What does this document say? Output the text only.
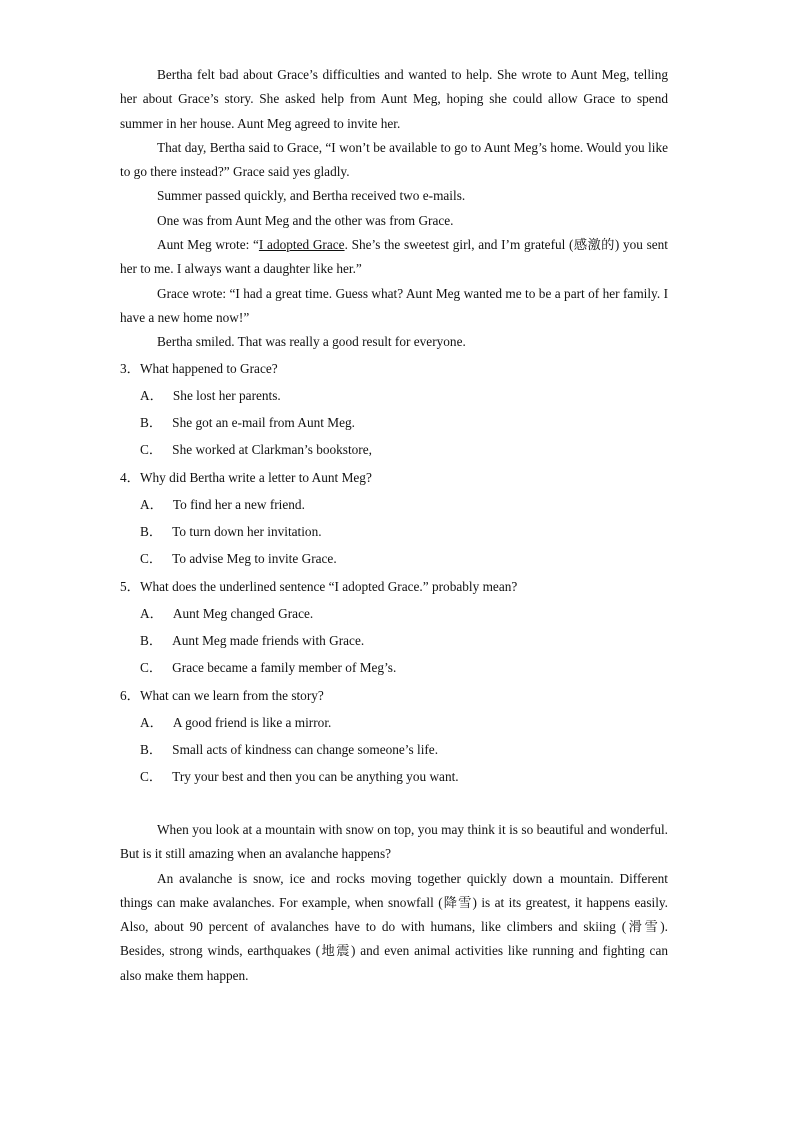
Bertha felt bad about Grace’s difficulties and wanted to help. She wrote to Aunt Meg, telling her about Grace’s story. She asked help from Aunt Meg, hoping she could allow Grace to spend summer in her house. Aunt Meg agreed to invite her.

That day, Bertha said to Grace, “I won’t be available to go to Aunt Meg’s home. Would you like to go there instead?” Grace said yes gladly.

Summer passed quickly, and Bertha received two e-mails.

One was from Aunt Meg and the other was from Grace.

Aunt Meg wrote: “I adopted Grace. She’s the sweetest girl, and I’m grateful (感激的) you sent her to me. I always want a daughter like her.”

Grace wrote: “I had a great time. Guess what? Aunt Meg wanted me to be a part of her family. I have a new home now!”

Bertha smiled. That was really a good result for everyone.

3．What happened to Grace?
A． She lost her parents.
B． She got an e-mail from Aunt Meg.
C． She worked at Clarkman’s bookstore,
4．Why did Bertha write a letter to Aunt Meg?
A． To find her a new friend.
B． To turn down her invitation.
C． To advise Meg to invite Grace.
5．What does the underlined sentence “I adopted Grace.” probably mean?
A． Aunt Meg changed Grace.
B． Aunt Meg made friends with Grace.
C． Grace became a family member of Meg’s.
6．What can we learn from the story?
A． A good friend is like a mirror.
B． Small acts of kindness can change someone’s life.
C． Try your best and then you can be anything you want.

When you look at a mountain with snow on top, you may think it is so beautiful and wonderful. But is it still amazing when an avalanche happens?

An avalanche is snow, ice and rocks moving together quickly down a mountain. Different things can make avalanches. For example, when snowfall (降雪) is at its greatest, it happens easily. Also, about 90 percent of avalanches have to do with humans, like climbers and skiing (滑雪). Besides, strong winds, earthquakes (地震) and even animal activities like running and fighting can also make them happen.
